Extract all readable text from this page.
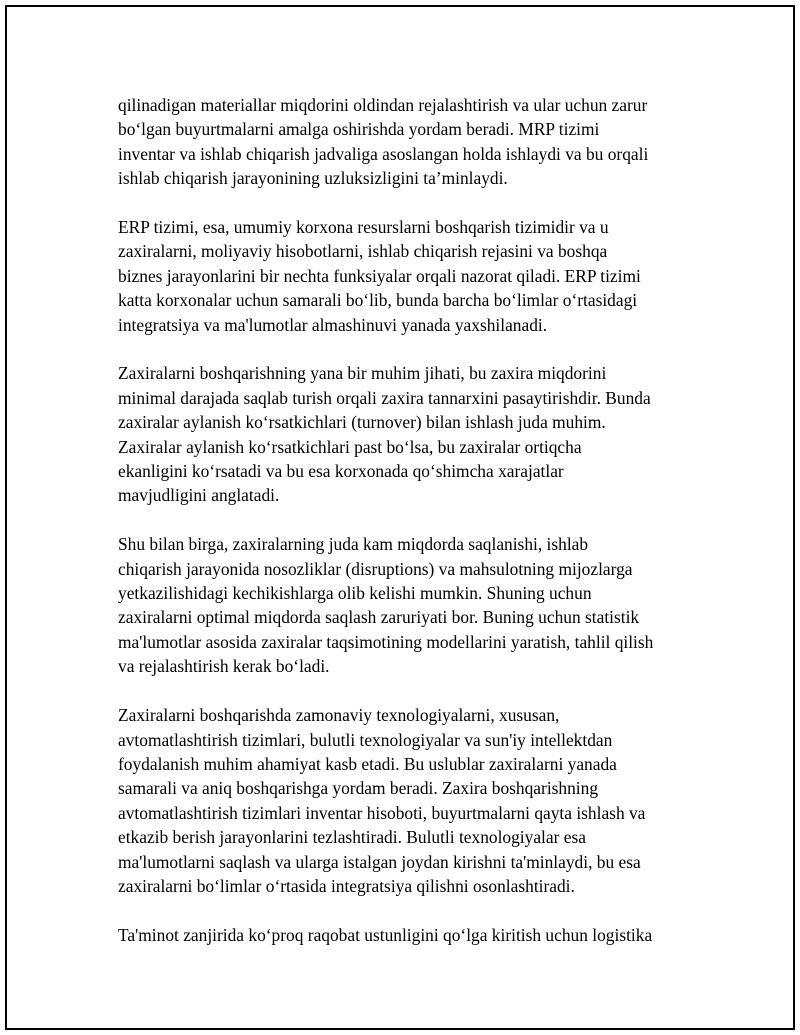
qilinadigan materiallar miqdorini oldindan rejalashtirish va ular uchun zarur
bo‘lgan buyurtmalarni amalga oshirishda yordam beradi. MRP tizimi
inventar va ishlab chiqarish jadvaliga asoslangan holda ishlaydi va bu orqali
ishlab chiqarish jarayonining uzluksizligini ta’minlaydi.

ERP tizimi, esa, umumiy korxona resurslarni boshqarish tizimidir va u
zaxiralarni, moliyaviy hisobotlarni, ishlab chiqarish rejasini va boshqa
biznes jarayonlarini bir nechta funksiyalar orqali nazorat qiladi. ERP tizimi
katta korxonalar uchun samarali bo‘lib, bunda barcha bo‘limlar o‘rtasidagi
integratsiya va ma'lumotlar almashinuvi yanada yaxshilanadi.

Zaxiralarni boshqarishning yana bir muhim jihati, bu zaxira miqdorini
minimal darajada saqlab turish orqali zaxira tannarxini pasaytirishdir. Bunda
zaxiralar aylanish ko‘rsatkichlari (turnover) bilan ishlash juda muhim.
Zaxiralar aylanish ko‘rsatkichlari past bo‘lsa, bu zaxiralar ortiqcha
ekanligini ko‘rsatadi va bu esa korxonada qo‘shimcha xarajatlar
mavjudligini anglatadi.

Shu bilan birga, zaxiralarning juda kam miqdorda saqlanishi, ishlab
chiqarish jarayonida nosozliklar (disruptions) va mahsulotning mijozlarga
yetkazilishidagi kechikishlarga olib kelishi mumkin. Shuning uchun
zaxiralarni optimal miqdorda saqlash zaruriyati bor. Buning uchun statistik
ma'lumotlar asosida zaxiralar taqsimotining modellarini yaratish, tahlil qilish
va rejalashtirish kerak bo‘ladi.

Zaxiralarni boshqarishda zamonaviy texnologiyalarni, xususan,
avtomatlashtirish tizimlari, bulutli texnologiyalar va sun'iy intellektdan
foydalanish muhim ahamiyat kasb etadi. Bu uslublar zaxiralarni yanada
samarali va aniq boshqarishga yordam beradi. Zaxira boshqarishning
avtomatlashtirish tizimlari inventar hisoboti, buyurtmalarni qayta ishlash va
etkazib berish jarayonlarini tezlashtiradi. Bulutli texnologiyalar esa
ma'lumotlarni saqlash va ularga istalgan joydan kirishni ta'minlaydi, bu esa
zaxiralarni bo‘limlar o‘rtasida integratsiya qilishni osonlashtiradi.

Ta'minot zanjirida ko‘proq raqobat ustunligini qo‘lga kiritish uchun logistika
